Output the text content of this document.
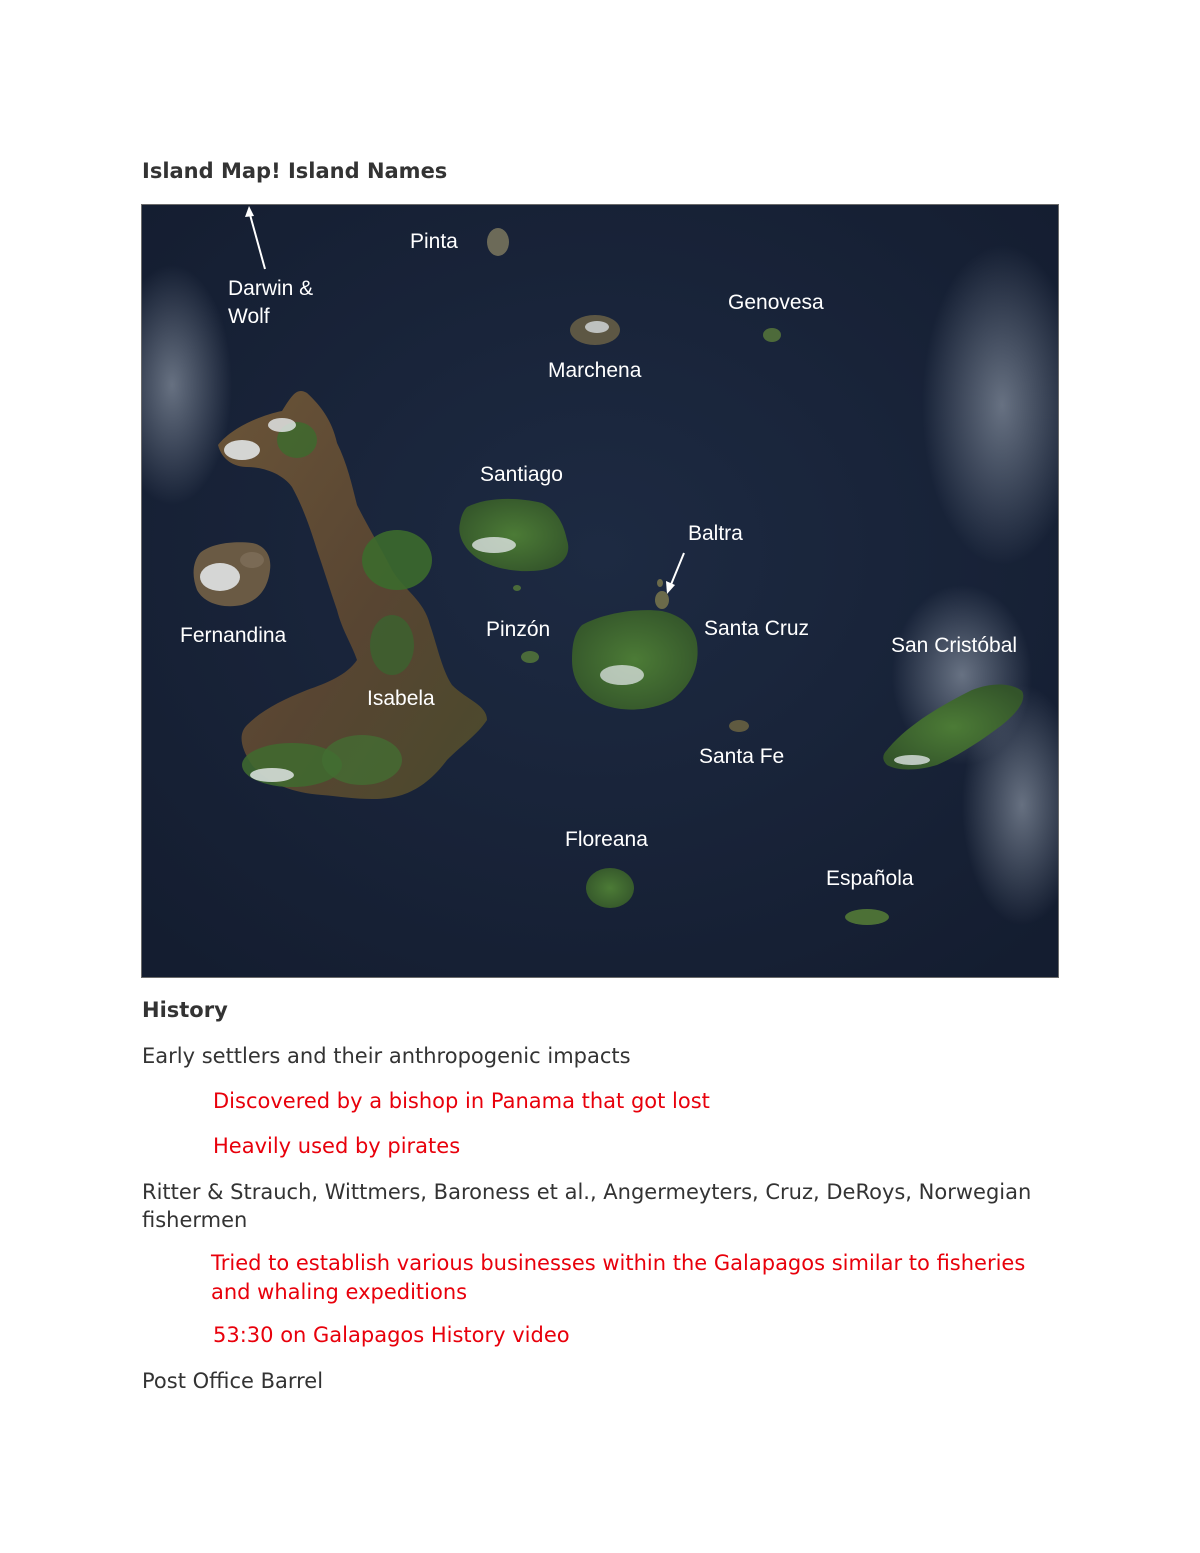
Island Map! Island Names
Pinta
Darwin &
Wolf
Genovesa
Marchena
Santiago
Baltra
Fernandina	Pinzón	Santa Cruz
San Cristóbal
Isabela
Santa Fe
Floreana
Española
History
Early settlers and their anthropogenic impacts
Discovered by a bishop in Panama that got lost
Heavily used by pirates
Ritter & Strauch, Wittmers, Baroness et al., Angermeyters, Cruz, DeRoys, Norwegian fishermen
Tried to establish various businesses within the Galapagos similar to fisheries and whaling expeditions
53:30 on Galapagos History video
Post Office Barrel
